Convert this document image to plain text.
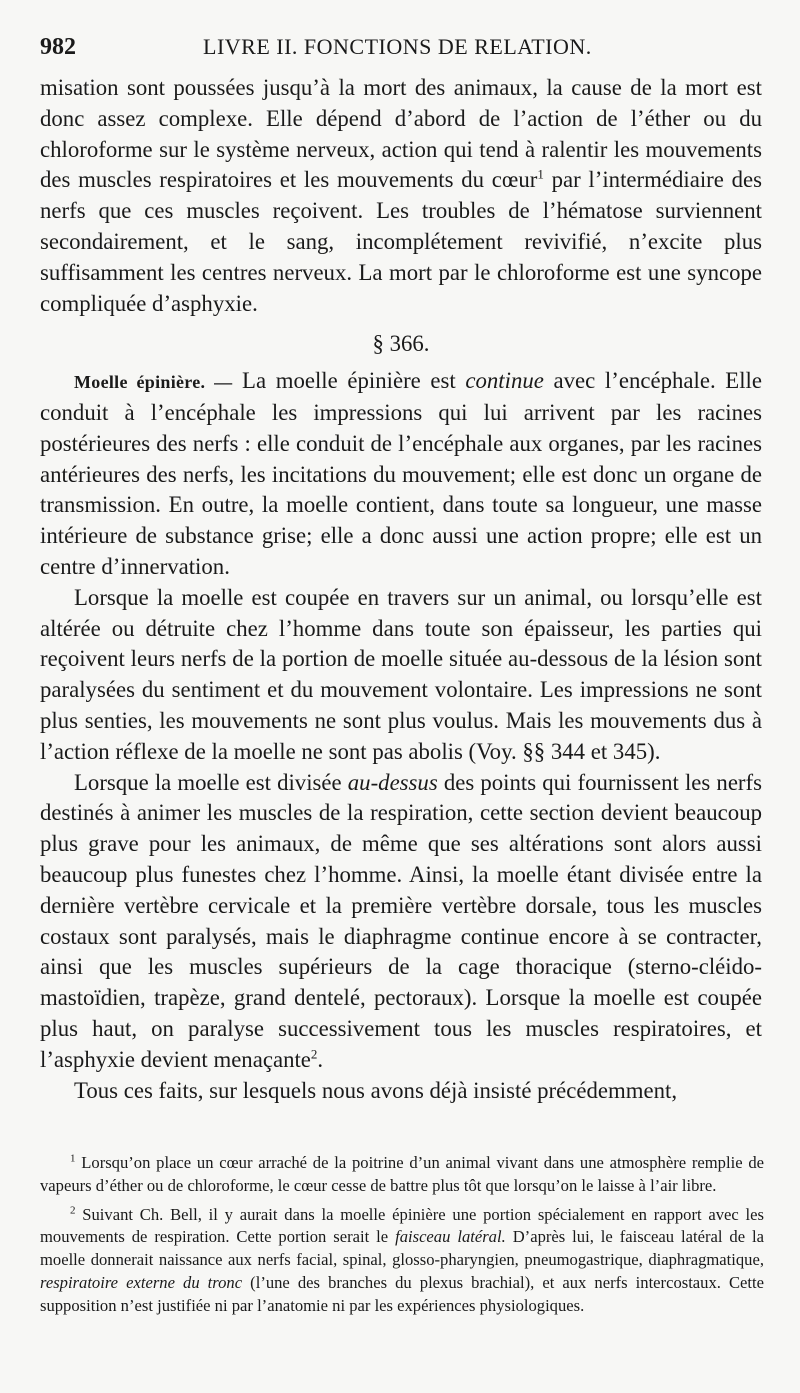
982	LIVRE II. FONCTIONS DE RELATION.

misation sont poussées jusqu’à la mort des animaux, la cause de la mort est donc assez complexe. Elle dépend d’abord de l’action de l’éther ou du chloroforme sur le système nerveux, action qui tend à ralentir les mouvements des muscles respiratoires et les mouvements du cœur$^1$ par l’intermédiaire des nerfs que ces muscles reçoivent. Les troubles de l’hématose surviennent secondairement, et le sang, incomplétement revivifié, n’excite plus suffisamment les centres nerveux. La mort par le chloroforme est une syncope compliquée d’asphyxie.

§ 366.

Moelle épinière. — La moelle épinière est continue avec l’encéphale. Elle conduit à l’encéphale les impressions qui lui arrivent par les racines postérieures des nerfs : elle conduit de l’encéphale aux organes, par les racines antérieures des nerfs, les incitations du mouvement; elle est donc un organe de transmission. En outre, la moelle contient, dans toute sa longueur, une masse intérieure de substance grise; elle a donc aussi une action propre; elle est un centre d’innervation.

Lorsque la moelle est coupée en travers sur un animal, ou lorsqu’elle est altérée ou détruite chez l’homme dans toute son épaisseur, les parties qui reçoivent leurs nerfs de la portion de moelle située au-dessous de la lésion sont paralysées du sentiment et du mouvement volontaire. Les impressions ne sont plus senties, les mouvements ne sont plus voulus. Mais les mouvements dus à l’action réflexe de la moelle ne sont pas abolis (Voy. §§ 344 et 345).

Lorsque la moelle est divisée au-dessus des points qui fournissent les nerfs destinés à animer les muscles de la respiration, cette section devient beaucoup plus grave pour les animaux, de même que ses altérations sont alors aussi beaucoup plus funestes chez l’homme. Ainsi, la moelle étant divisée entre la dernière vertèbre cervicale et la première vertèbre dorsale, tous les muscles costaux sont paralysés, mais le diaphragme continue encore à se contracter, ainsi que les muscles supérieurs de la cage thoracique (sterno-cléido-mastoïdien, trapèze, grand dentelé, pectoraux). Lorsque la moelle est coupée plus haut, on paralyse successivement tous les muscles respiratoires, et l’asphyxie devient menaçante$^2$.

Tous ces faits, sur lesquels nous avons déjà insisté précédemment,

$^1$ Lorsqu’on place un cœur arraché de la poitrine d’un animal vivant dans une atmosphère remplie de vapeurs d’éther ou de chloroforme, le cœur cesse de battre plus tôt que lorsqu’on le laisse à l’air libre.

$^2$ Suivant Ch. Bell, il y aurait dans la moelle épinière une portion spécialement en rapport avec les mouvements de respiration. Cette portion serait le faisceau latéral. D’après lui, le faisceau latéral de la moelle donnerait naissance aux nerfs facial, spinal, glosso-pharyngien, pneumogastrique, diaphragmatique, respiratoire externe du tronc (l’une des branches du plexus brachial), et aux nerfs intercostaux. Cette supposition n’est justifiée ni par l’anatomie ni par les expériences physiologiques.
